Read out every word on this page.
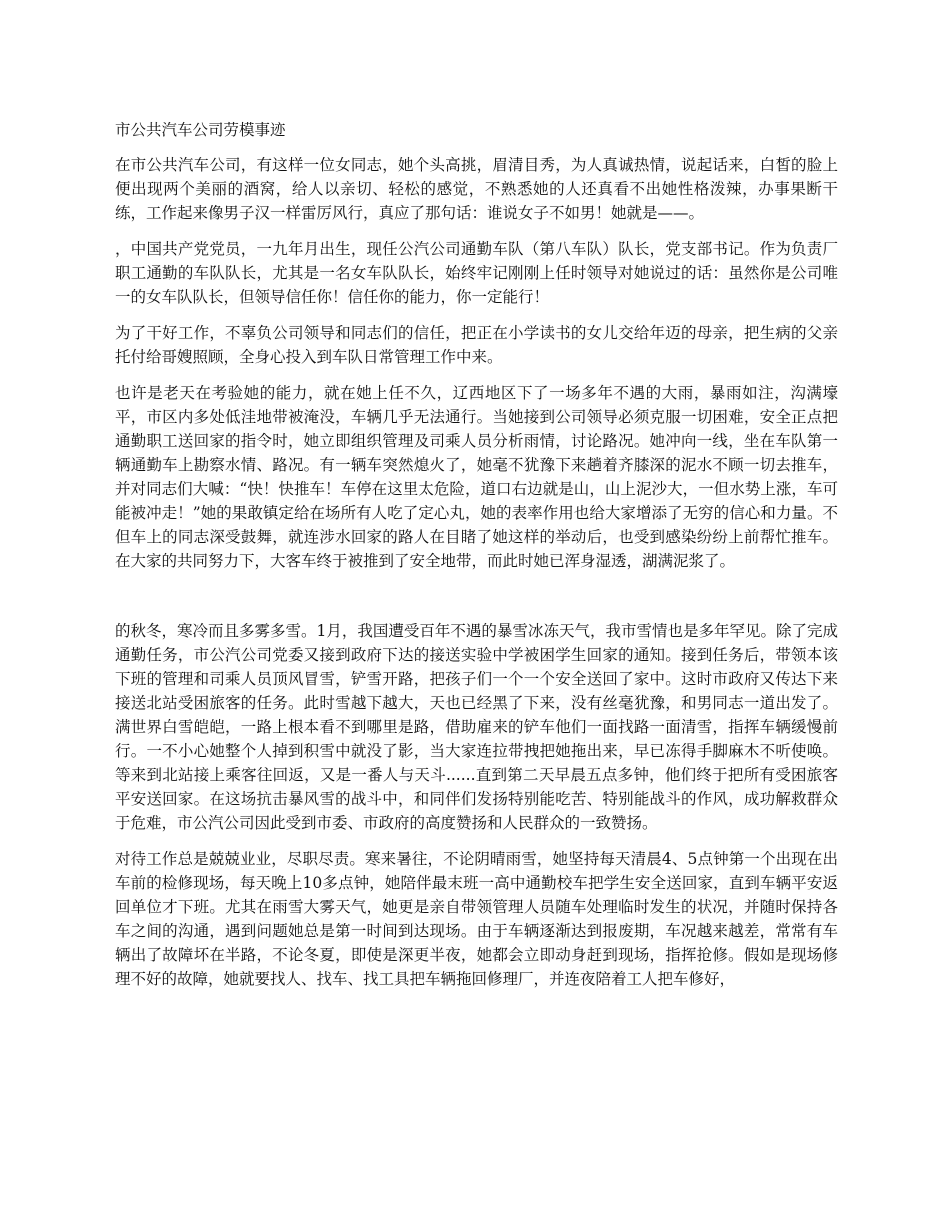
市公共汽车公司劳模事迹

在市公共汽车公司，有这样一位女同志，她个头高挑，眉清目秀，为人真诚热情，说起话来，白皙的脸上便出现两个美丽的酒窝，给人以亲切、轻松的感觉，不熟悉她的人还真看不出她性格泼辣，办事果断干练，工作起来像男子汉一样雷厉风行，真应了那句话：谁说女子不如男！她就是——。

，中国共产党党员，一九年月出生，现任公汽公司通勤车队（第八车队）队长，党支部书记。作为负责厂职工通勤的车队队长，尤其是一名女车队队长，始终牢记刚刚上任时领导对她说过的话：虽然你是公司唯一的女车队队长，但领导信任你！信任你的能力，你一定能行！

为了干好工作，不辜负公司领导和同志们的信任，把正在小学读书的女儿交给年迈的母亲，把生病的父亲托付给哥嫂照顾，全身心投入到车队日常管理工作中来。

也许是老天在考验她的能力，就在她上任不久，辽西地区下了一场多年不遇的大雨，暴雨如注，沟满壕平，市区内多处低洼地带被淹没，车辆几乎无法通行。当她接到公司领导必须克服一切困难，安全正点把通勤职工送回家的指令时，她立即组织管理及司乘人员分析雨情，讨论路况。她冲向一线，坐在车队第一辆通勤车上勘察水情、路况。有一辆车突然熄火了，她毫不犹豫下来趟着齐膝深的泥水不顾一切去推车，并对同志们大喊：“快！快推车！车停在这里太危险，道口右边就是山，山上泥沙大，一但水势上涨，车可能被冲走！”她的果敢镇定给在场所有人吃了定心丸，她的表率作用也给大家增添了无穷的信心和力量。不但车上的同志深受鼓舞，就连涉水回家的路人在目睹了她这样的举动后，也受到感染纷纷上前帮忙推车。在大家的共同努力下，大客车终于被推到了安全地带，而此时她已浑身湿透，湖满泥浆了。

的秋冬，寒冷而且多雾多雪。1月，我国遭受百年不遇的暴雪冰冻天气，我市雪情也是多年罕见。除了完成通勤任务，市公汽公司党委又接到政府下达的接送实验中学被困学生回家的通知。接到任务后，带领本该下班的管理和司乘人员顶风冒雪，铲雪开路，把孩子们一个一个安全送回了家中。这时市政府又传达下来接送北站受困旅客的任务。此时雪越下越大，天也已经黑了下来，没有丝毫犹豫，和男同志一道出发了。满世界白雪皑皑，一路上根本看不到哪里是路，借助雇来的铲车他们一面找路一面清雪，指挥车辆缓慢前行。一不小心她整个人掉到积雪中就没了影，当大家连拉带拽把她拖出来，早已冻得手脚麻木不听使唤。等来到北站接上乘客往回返，又是一番人与天斗......直到第二天早晨五点多钟，他们终于把所有受困旅客平安送回家。在这场抗击暴风雪的战斗中，和同伴们发扬特别能吃苦、特别能战斗的作风，成功解救群众于危难，市公汽公司因此受到市委、市政府的高度赞扬和人民群众的一致赞扬。

对待工作总是兢兢业业，尽职尽责。寒来暑往，不论阴晴雨雪，她坚持每天清晨4、5点钟第一个出现在出车前的检修现场，每天晚上10多点钟，她陪伴最末班一高中通勤校车把学生安全送回家，直到车辆平安返回单位才下班。尤其在雨雪大雾天气，她更是亲自带领管理人员随车处理临时发生的状况，并随时保持各车之间的沟通，遇到问题她总是第一时间到达现场。由于车辆逐渐达到报废期，车况越来越差，常常有车辆出了故障坏在半路，不论冬夏，即使是深更半夜，她都会立即动身赶到现场，指挥抢修。假如是现场修理不好的故障，她就要找人、找车、找工具把车辆拖回修理厂，并连夜陪着工人把车修好，
